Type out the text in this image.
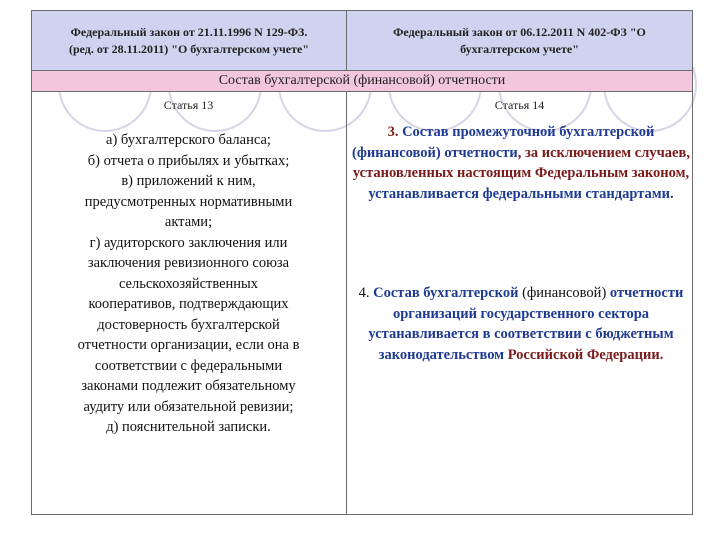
Федеральный закон от 21.11.1996 N 129-ФЗ.
(ред. от 28.11.2011) "О бухгалтерском учете"
Федеральный закон от 06.12.2011 N 402-ФЗ "О
бухгалтерском учете"
Состав бухгалтерской (финансовой) отчетности
Статья 13	Статья 14
а) бухгалтерского баланса;
б) отчета о прибылях и убытках;
в) приложений к ним,
предусмотренных нормативными
актами;
г) аудиторского заключения или
заключения ревизионного союза
сельскохозяйственных
кооперативов, подтверждающих
достоверность бухгалтерской
отчетности организации, если она в
соответствии с федеральными
законами подлежит обязательному
аудиту или обязательной ревизии;
д) пояснительной записки.
3. Состав промежуточной бухгалтерской (финансовой) отчетности, за исключением случаев, установленных настоящим Федеральным законом, устанавливается федеральными стандартами.
4. Состав бухгалтерской (финансовой) отчетности организаций государственного сектора устанавливается в соответствии с бюджетным законодательством Российской Федерации.
